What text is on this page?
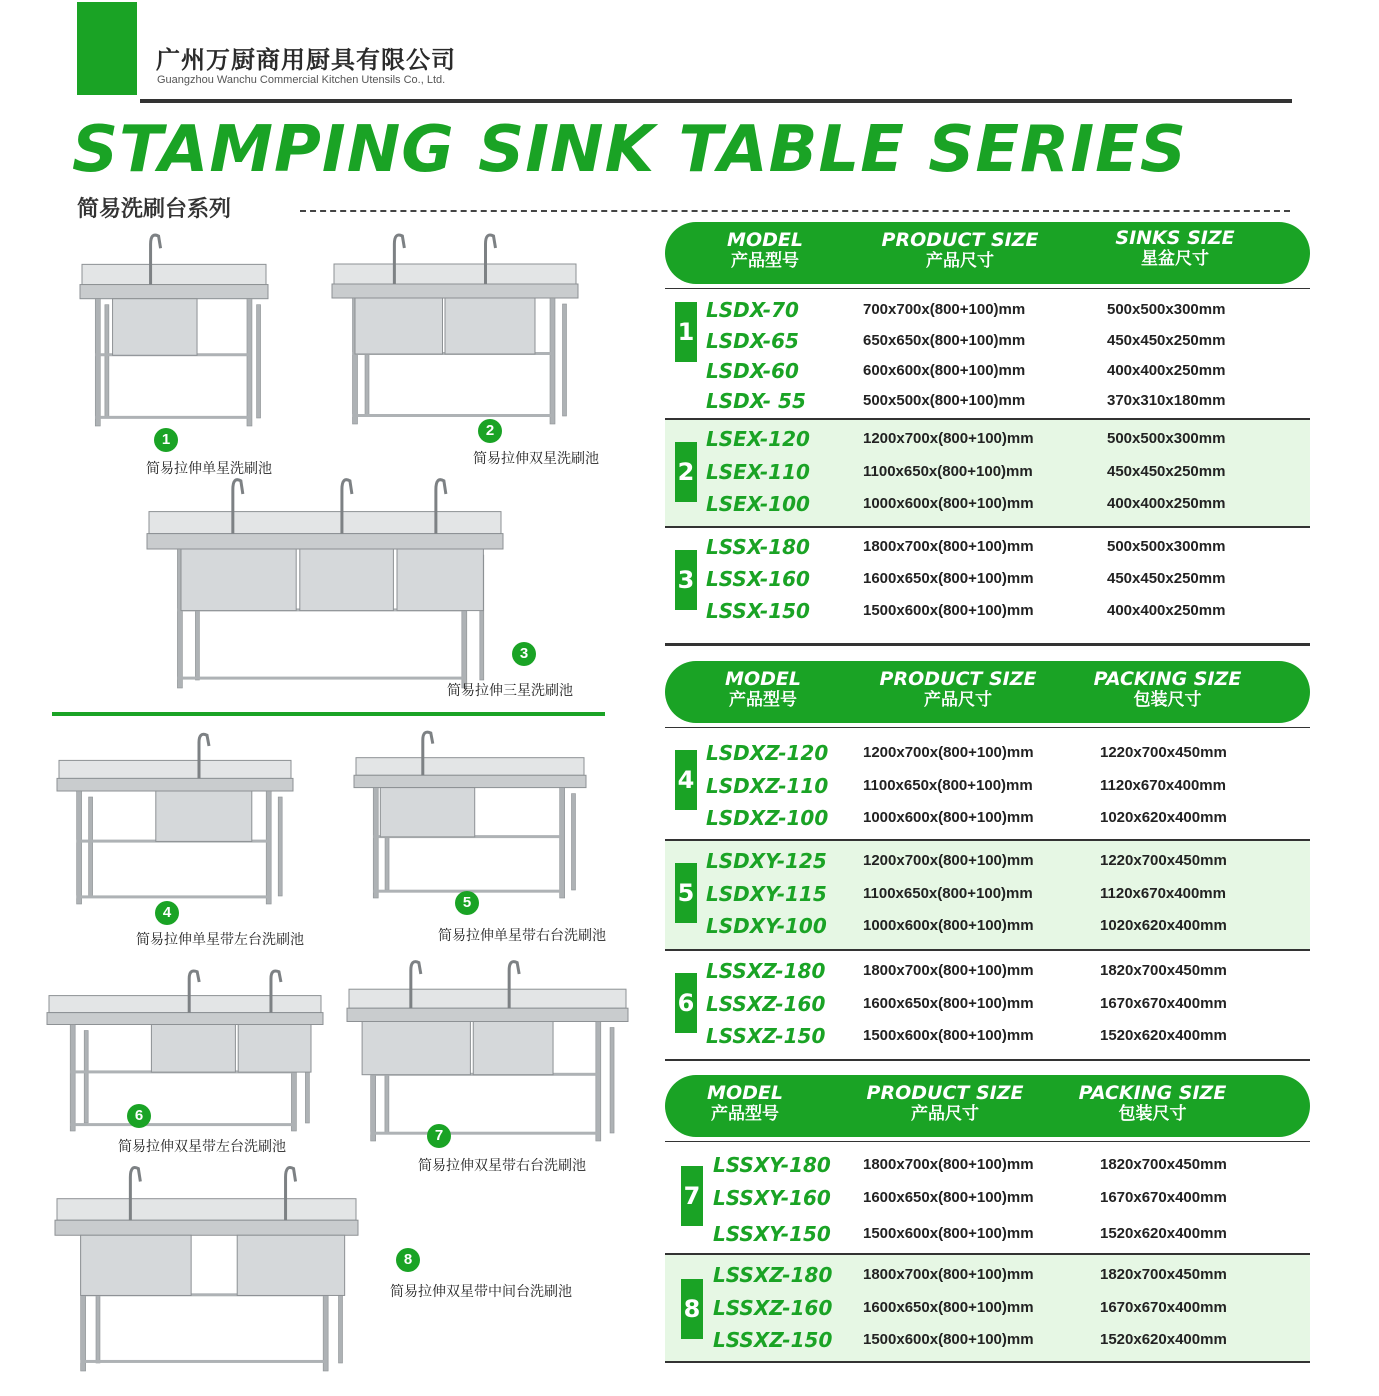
广州万厨商用厨具有限公司
Guangzhou Wanchu Commercial Kitchen Utensils Co., Ltd.
STAMPING SINK TABLE SERIES
简易洗刷台系列
1
简易拉伸单星洗刷池
2
简易拉伸双星洗刷池
3
简易拉伸三星洗刷池
4
简易拉伸单星带左台洗刷池
5
简易拉伸单星带右台洗刷池
6
简易拉伸双星带左台洗刷池
7
简易拉伸双星带右台洗刷池
8
简易拉伸双星带中间台洗刷池
MODEL
产品型号
PRODUCT SIZE
产品尺寸
SINKS SIZE
星盆尺寸
1
LSDX-70	700x700x(800+100)mm	500x500x300mm
LSDX-65	650x650x(800+100)mm	450x450x250mm
LSDX-60	600x600x(800+100)mm	400x400x250mm
LSDX- 55	500x500x(800+100)mm	370x310x180mm
2
LSEX-120	1200x700x(800+100)mm	500x500x300mm
LSEX-110	1100x650x(800+100)mm	450x450x250mm
LSEX-100	1000x600x(800+100)mm	400x400x250mm
3
LSSX-180	1800x700x(800+100)mm	500x500x300mm
LSSX-160	1600x650x(800+100)mm	450x450x250mm
LSSX-150	1500x600x(800+100)mm	400x400x250mm
MODEL
产品型号
PRODUCT SIZE
产品尺寸
PACKING SIZE
包装尺寸
4
LSDXZ-120 1200x700x(800+100)mm	1220x700x450mm
LSDXZ-110 1100x650x(800+100)mm	1120x670x400mm
LSDXZ-100 1000x600x(800+100)mm	1020x620x400mm
5
LSDXY-125 1200x700x(800+100)mm	1220x700x450mm
LSDXY-115 1100x650x(800+100)mm	1120x670x400mm
LSDXY-100 1000x600x(800+100)mm	1020x620x400mm
6
LSSXZ-180	1800x700x(800+100)mm	1820x700x450mm
LSSXZ-160	1600x650x(800+100)mm	1670x670x400mm
LSSXZ-150	1500x600x(800+100)mm	1520x620x400mm
MODEL
产品型号
PRODUCT SIZE
产品尺寸
PACKING SIZE
包装尺寸
7
LSSXY-180 1800x700x(800+100)mm	1820x700x450mm
LSSXY-160 1600x650x(800+100)mm	1670x670x400mm
LSSXY-150 1500x600x(800+100)mm	1520x620x400mm
8
LSSXZ-180 1800x700x(800+100)mm	1820x700x450mm
LSSXZ-160 1600x650x(800+100)mm	1670x670x400mm
LSSXZ-150 1500x600x(800+100)mm	1520x620x400mm
